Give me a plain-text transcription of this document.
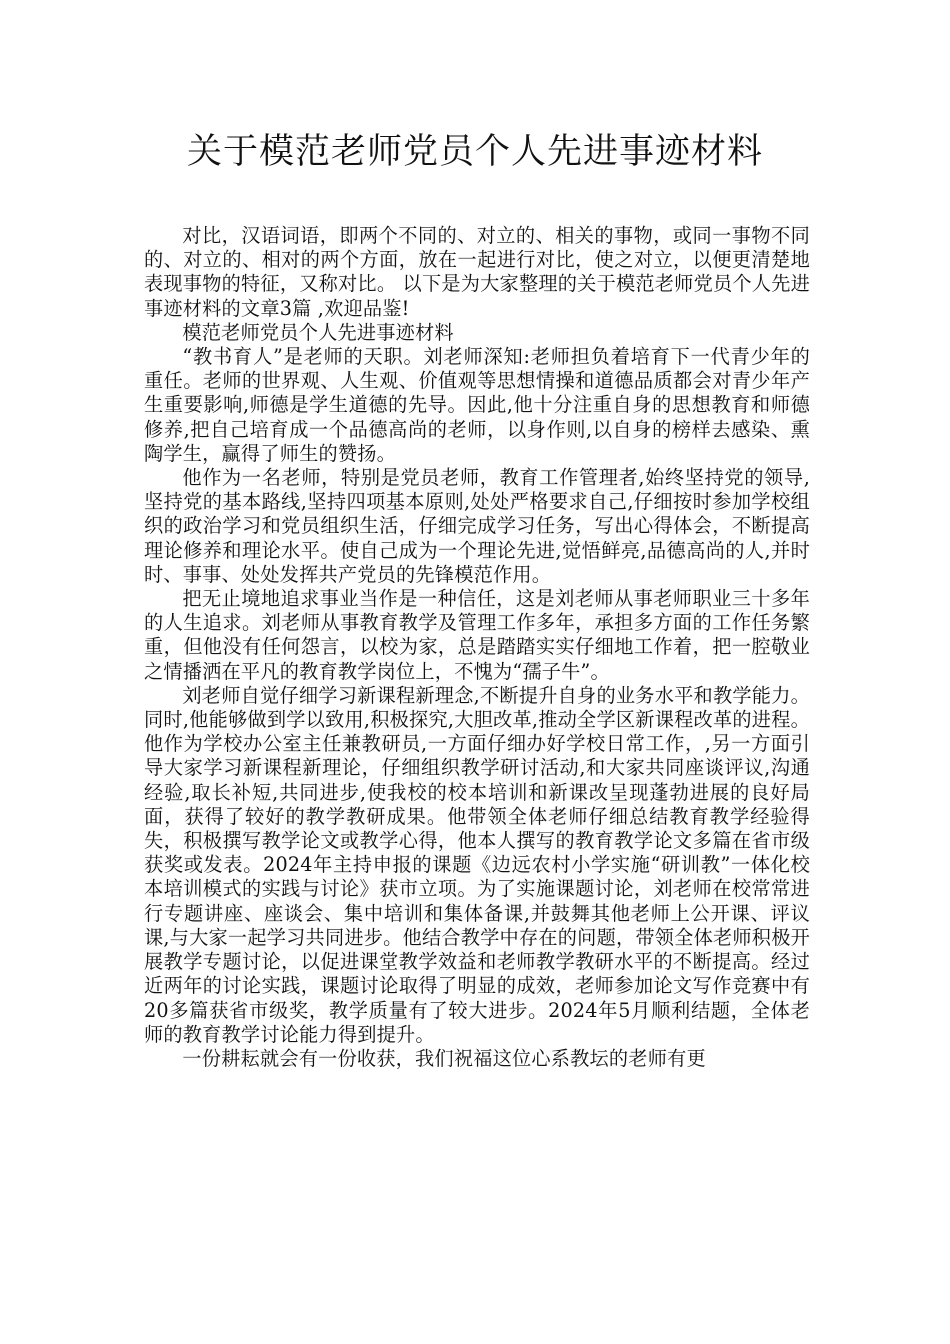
关于模范老师党员个人先进事迹材料

对比，汉语词语，即两个不同的、对立的、相关的事物，或同一事物不同的、对立的、相对的两个方面，放在一起进行对比，使之对立，以便更清楚地表现事物的特征，又称对比。 以下是为大家整理的关于模范老师党员个人先进事迹材料的文章3篇 ,欢迎品鉴!

模范老师党员个人先进事迹材料

“教书育人”是老师的天职。刘老师深知:老师担负着培育下一代青少年的重任。老师的世界观、人生观、价值观等思想情操和道德品质都会对青少年产生重要影响,师德是学生道德的先导。因此,他十分注重自身的思想教育和师德修养,把自己培育成一个品德高尚的老师，以身作则,以自身的榜样去感染、熏陶学生，赢得了师生的赞扬。

他作为一名老师，特别是党员老师，教育工作管理者,始终坚持党的领导,坚持党的基本路线,坚持四项基本原则,处处严格要求自己,仔细按时参加学校组织的政治学习和党员组织生活，仔细完成学习任务，写出心得体会，不断提高理论修养和理论水平。使自己成为一个理论先进,觉悟鲜亮,品德高尚的人,并时时、事事、处处发挥共产党员的先锋模范作用。

把无止境地追求事业当作是一种信任，这是刘老师从事老师职业三十多年的人生追求。刘老师从事教育教学及管理工作多年，承担多方面的工作任务繁重，但他没有任何怨言，以校为家，总是踏踏实实仔细地工作着，把一腔敬业之情播洒在平凡的教育教学岗位上，不愧为“孺子牛”。

刘老师自觉仔细学习新课程新理念,不断提升自身的业务水平和教学能力。同时,他能够做到学以致用,积极探究,大胆改革,推动全学区新课程改革的进程。他作为学校办公室主任兼教研员,一方面仔细办好学校日常工作，,另一方面引导大家学习新课程新理论，仔细组织教学研讨活动,和大家共同座谈评议,沟通经验,取长补短,共同进步,使我校的校本培训和新课改呈现蓬勃进展的良好局面，获得了较好的教学教研成果。他带领全体老师仔细总结教育教学经验得失，积极撰写教学论文或教学心得，他本人撰写的教育教学论文多篇在省市级获奖或发表。2024年主持申报的课题《边远农村小学实施“研训教”一体化校本培训模式的实践与讨论》获市立项。为了实施课题讨论，刘老师在校常常进行专题讲座、座谈会、集中培训和集体备课,并鼓舞其他老师上公开课、评议课,与大家一起学习共同进步。他结合教学中存在的问题，带领全体老师积极开展教学专题讨论，以促进课堂教学效益和老师教学教研水平的不断提高。经过近两年的讨论实践，课题讨论取得了明显的成效，老师参加论文写作竞赛中有20多篇获省市级奖，教学质量有了较大进步。2024年5月顺利结题，全体老师的教育教学讨论能力得到提升。

一份耕耘就会有一份收获，我们祝福这位心系教坛的老师有更
